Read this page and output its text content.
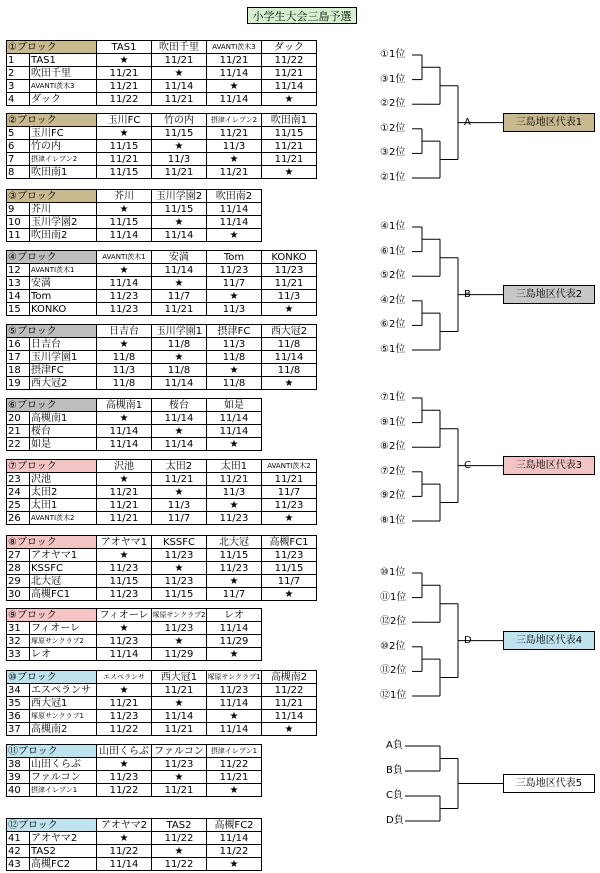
小学生大会三島予選
①ブロック		TAS1	吹田千里	AVANTI茨木3	ダック
1	TAS1	★	11/21	11/21	11/22
2	吹田千里	11/21	★	11/14	11/21
3	AVANTI茨木3	11/21	11/14	★	11/14
4	ダック	11/22	11/21	11/14	★
②ブロック		玉川FC	竹の内	摂津イレブン2	吹田南1
5	玉川FC	★	11/15	11/21	11/15
6	竹の内	11/15	★	11/3	11/21
7	摂津イレブン2	11/21	11/3	★	11/21
8	吹田南1	11/15	11/21	11/21	★
③ブロック		芥川	玉川学園2	吹田南2
9	芥川	★	11/15	11/14
10	玉川学園2	11/15	★	11/14
11	吹田南2	11/14	11/14	★
④ブロック		AVANTI茨木1	安満	Tom	KONKO
12	AVANTI茨木1	★	11/14	11/23	11/23
13	安満	11/14	★	11/7	11/21
14	Tom	11/23	11/7	★	11/3
15	KONKO	11/23	11/21	11/3	★
⑤ブロック		日吉台	玉川学園1	摂津FC	西大冠2
16	日吉台	★	11/8	11/3	11/8
17	玉川学園1	11/8	★	11/8	11/14
18	摂津FC	11/3	11/8	★	11/8
19	西大冠2	11/8	11/14	11/8	★
⑥ブロック		高槻南1	桜台	如是
20	高槻南1	★	11/14	11/14
21	桜台	11/14	★	11/14
22	如是	11/14	11/14	★
⑦ブロック		沢池	太田2	太田1	AVANTI茨木2
23	沢池	★	11/21	11/21	11/21
24	太田2	11/21	★	11/3	11/7
25	太田1	11/21	11/3	★	11/23
26	AVANTI茨木2	11/21	11/7	11/23	★
⑧ブロック		アオヤマ1	KSSFC	北大冠	高槻FC1
27	アオヤマ1	★	11/23	11/15	11/23
28	KSSFC	11/23	★	11/23	11/15
29	北大冠	11/15	11/23	★	11/7
30	高槻FC1	11/23	11/15	11/7	★
⑨ブロック		フィオーレ	塚原サンクラブ2	レオ
31	フィオーレ	★	11/23	11/14
32	塚原サンクラブ2	11/23	★	11/29
33	レオ	11/14	11/29	★
⑩ブロック		エスペランサ	西大冠1	塚原サンクラブ1	高槻南2
34	エスペランサ	★	11/21	11/23	11/22
35	西大冠1	11/21	★	11/14	11/21
36	塚原サンクラブ1	11/23	11/14	★	11/14
37	高槻南2	11/22	11/21	11/14	★
⑪ブロック		山田くらぶ	ファルコン	摂津イレブン1
38	山田くらぶ	★	11/23	11/22
39	ファルコン	11/23	★	11/21
40	摂津イレブン1	11/22	11/21	★
⑫ブロック		アオヤマ2	TAS2	高槻FC2
41	アオヤマ2	★	11/22	11/14
42	TAS2	11/22	★	11/22
43	高槻FC2	11/14	11/22	★
①1位
③1位
②2位
①2位
③2位
②1位
A	三島地区代表1
④1位
⑥1位
⑤2位
④2位
⑥2位
⑤1位
B	三島地区代表2
⑦1位
⑨1位
⑧2位
⑦2位
⑨2位
⑧1位
C	三島地区代表3
⑩1位
⑪1位
⑫2位
⑩2位
⑪2位
⑫1位
D	三島地区代表4
A負
B負
C負
D負
三島地区代表5
